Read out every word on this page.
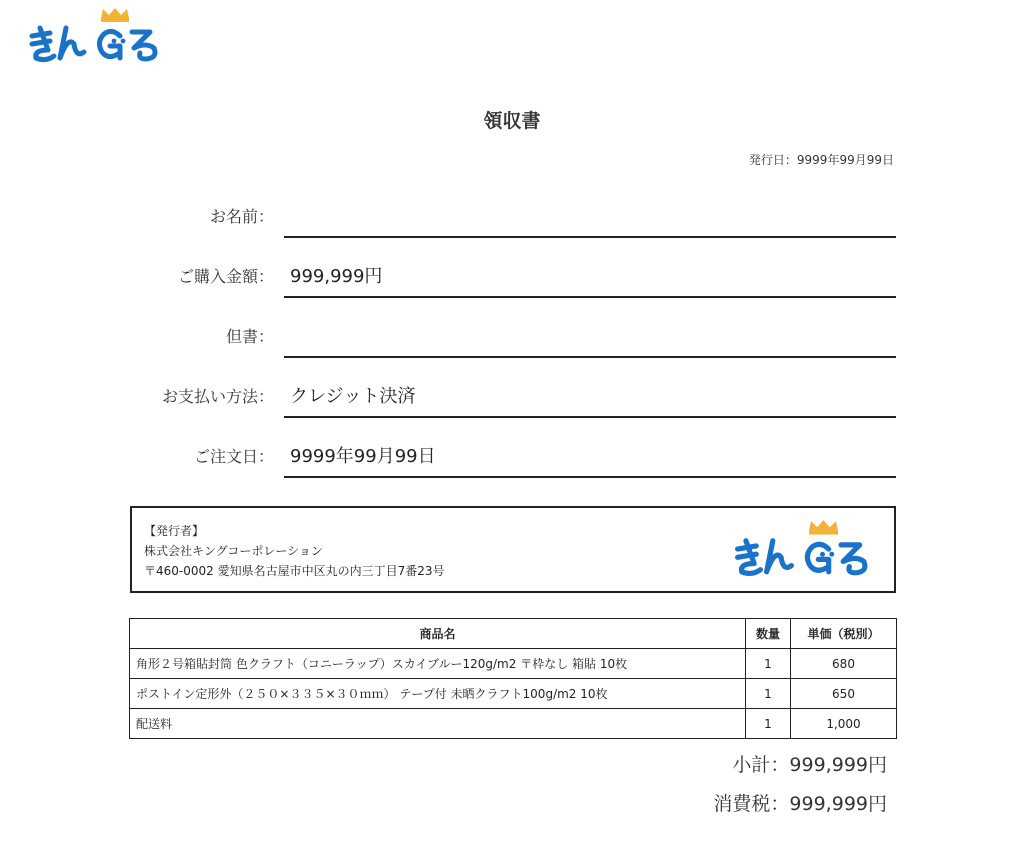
きんぐる
領収書
発行日：9999年99月99日
お名前：
ご購入金額： 999,999円
但書：
お支払い方法： クレジット決済
ご注文日： 9999年99月99日
【発行者】
株式会社キングコーポレーション
〒460-0002 愛知県名古屋市中区丸の内三丁目7番23号
きんぐる
商品名	数量	単価（税別）
角形２号箱貼封筒 色クラフト（コニーラップ）スカイブルー120g/m2 〒枠なし 箱貼 10枚	1	680
ポストイン定形外（２５０×３３５×３０ｍｍ） テープ付 未晒クラフト100g/m2 10枚	1	650
配送料	1	1,000
小計：999,999円
消費税：999,999円
